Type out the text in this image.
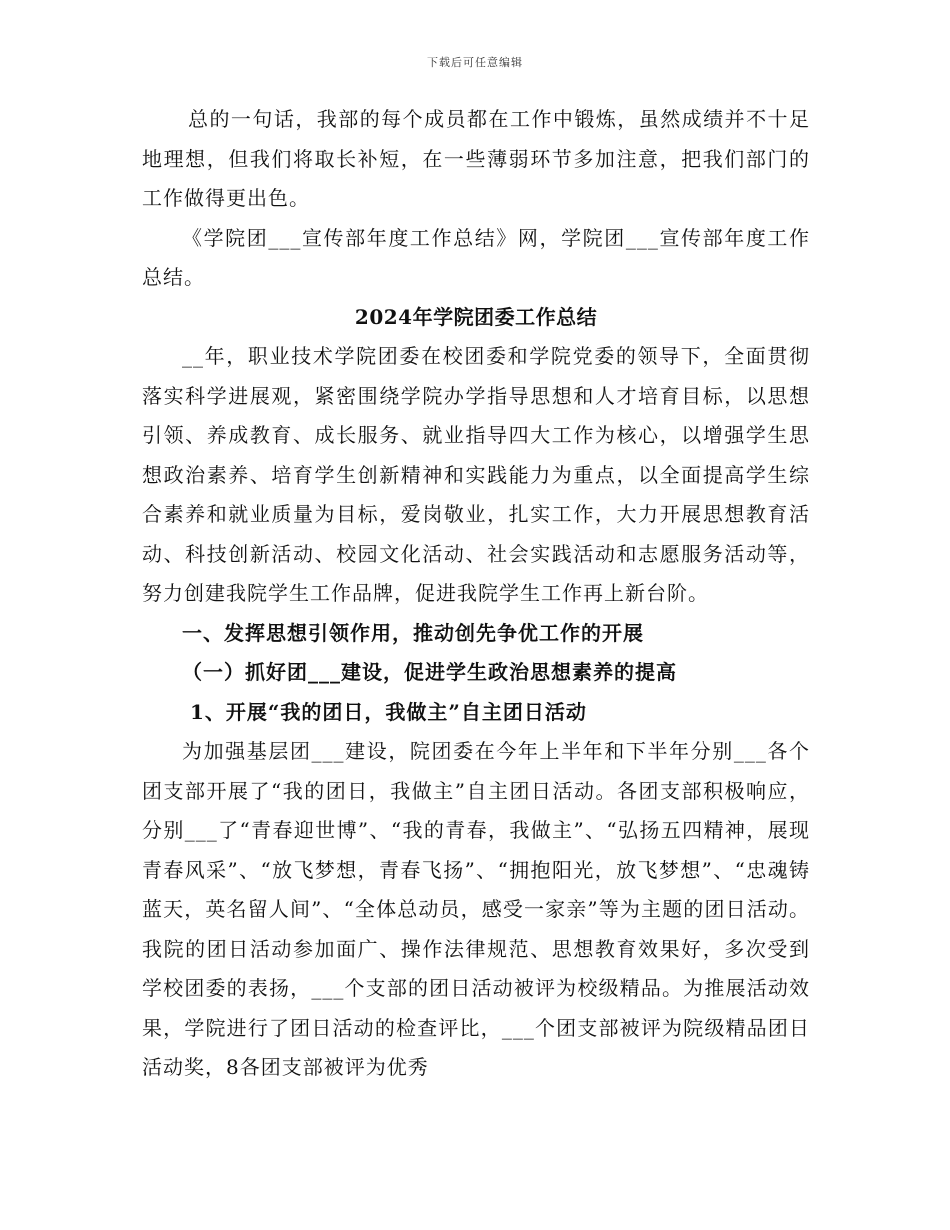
下载后可任意编辑

总的一句话，我部的每个成员都在工作中锻炼，虽然成绩并不十足地理想，但我们将取长补短，在一些薄弱环节多加注意，把我们部门的工作做得更出色。

《学院团___宣传部年度工作总结》网，学院团___宣传部年度工作总结。

2024年学院团委工作总结

__年，职业技术学院团委在校团委和学院党委的领导下，全面贯彻落实科学进展观，紧密围绕学院办学指导思想和人才培育目标，以思想引领、养成教育、成长服务、就业指导四大工作为核心，以增强学生思想政治素养、培育学生创新精神和实践能力为重点，以全面提高学生综合素养和就业质量为目标，爱岗敬业，扎实工作，大力开展思想教育活动、科技创新活动、校园文化活动、社会实践活动和志愿服务活动等，努力创建我院学生工作品牌，促进我院学生工作再上新台阶。

一、发挥思想引领作用，推动创先争优工作的开展

（一）抓好团___建设，促进学生政治思想素养的提高

1、开展“我的团日，我做主”自主团日活动

为加强基层团___建设，院团委在今年上半年和下半年分别___各个团支部开展了“我的团日，我做主”自主团日活动。各团支部积极响应，分别___了“青春迎世博”、“我的青春，我做主”、“弘扬五四精神，展现青春风采”、“放飞梦想，青春飞扬”、“拥抱阳光，放飞梦想”、“忠魂铸蓝天，英名留人间”、“全体总动员，感受一家亲”等为主题的团日活动。我院的团日活动参加面广、操作法律规范、思想教育效果好，多次受到学校团委的表扬，___个支部的团日活动被评为校级精品。为推展活动效果，学院进行了团日活动的检查评比，___个团支部被评为院级精品团日活动奖，8各团支部被评为优秀
